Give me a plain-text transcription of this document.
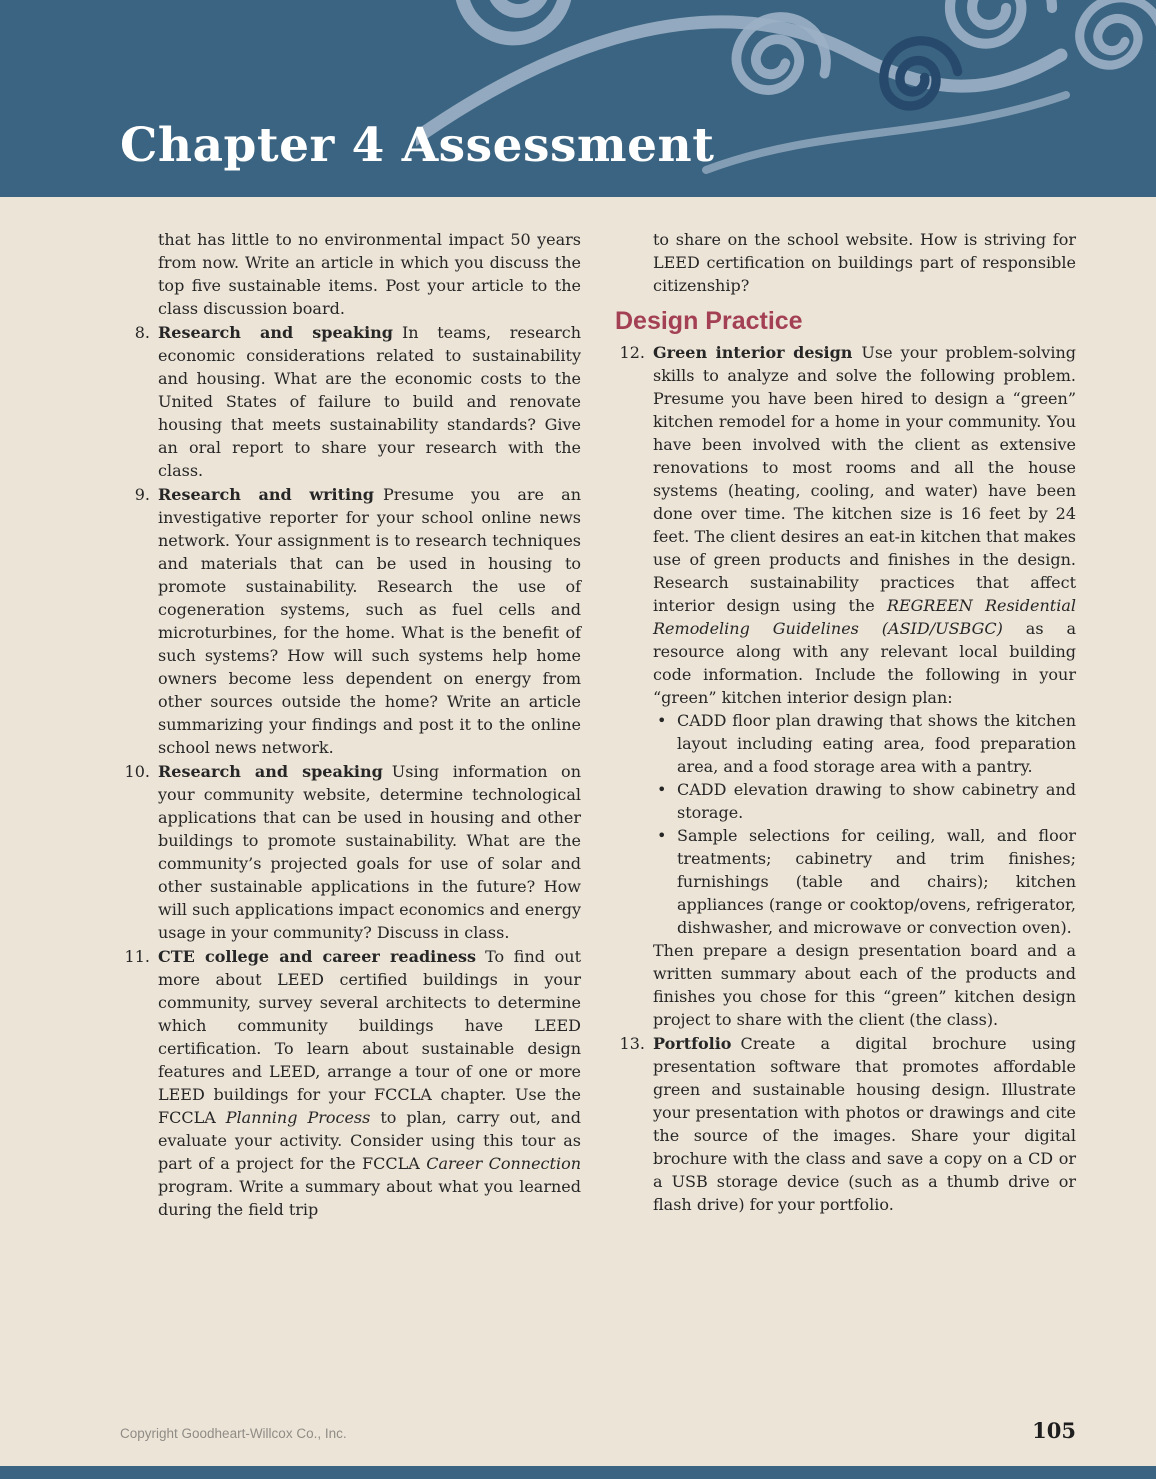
Chapter 4 Assessment

that has little to no environmental impact 50 years from now. Write an article in which you discuss the top five sustainable items. Post your article to the class discussion board.

8. Research and speaking In teams, research economic considerations related to sustainability and housing. What are the economic costs to the United States of failure to build and renovate housing that meets sustainability standards? Give an oral report to share your research with the class.
9. Research and writing Presume you are an investigative reporter for your school online news network. Your assignment is to research techniques and materials that can be used in housing to promote sustainability. Research the use of cogeneration systems, such as fuel cells and microturbines, for the home. What is the benefit of such systems? How will such systems help home owners become less dependent on energy from other sources outside the home? Write an article summarizing your findings and post it to the online school news network.
10. Research and speaking Using information on your community website, determine technological applications that can be used in housing and other buildings to promote sustainability. What are the community’s projected goals for use of solar and other sustainable applications in the future? How will such applications impact economics and energy usage in your community? Discuss in class.
11. CTE college and career readiness To find out more about LEED certified buildings in your community, survey several architects to determine which community buildings have LEED certification. To learn about sustainable design features and LEED, arrange a tour of one or more LEED buildings for your FCCLA chapter. Use the FCCLA Planning Process to plan, carry out, and evaluate your activity. Consider using this tour as part of a project for the FCCLA Career Connection program. Write a summary about what you learned during the field trip

to share on the school website. How is striving for LEED certification on buildings part of responsible citizenship?

Design Practice
12. Green interior design Use your problem-solving skills to analyze and solve the following problem. Presume you have been hired to design a “green” kitchen remodel for a home in your community. You have been involved with the client as extensive renovations to most rooms and all the house systems (heating, cooling, and water) have been done over time. The kitchen size is 16 feet by 24 feet. The client desires an eat-in kitchen that makes use of green products and finishes in the design. Research sustainability practices that affect interior design using the REGREEN Residential Remodeling Guidelines (ASID/USBGC) as a resource along with any relevant local building code information. Include the following in your “green” kitchen interior design plan:
• CADD floor plan drawing that shows the kitchen layout including eating area, food preparation area, and a food storage area with a pantry.
• CADD elevation drawing to show cabinetry and storage.
• Sample selections for ceiling, wall, and floor treatments; cabinetry and trim finishes; furnishings (table and chairs); kitchen appliances (range or cooktop/ovens, refrigerator, dishwasher, and microwave or convection oven).
Then prepare a design presentation board and a written summary about each of the products and finishes you chose for this “green” kitchen design project to share with the client (the class).
13. Portfolio Create a digital brochure using presentation software that promotes affordable green and sustainable housing design. Illustrate your presentation with photos or drawings and cite the source of the images. Share your digital brochure with the class and save a copy on a CD or a USB storage device (such as a thumb drive or flash drive) for your portfolio.
Copyright Goodheart-Willcox Co., Inc.	105
